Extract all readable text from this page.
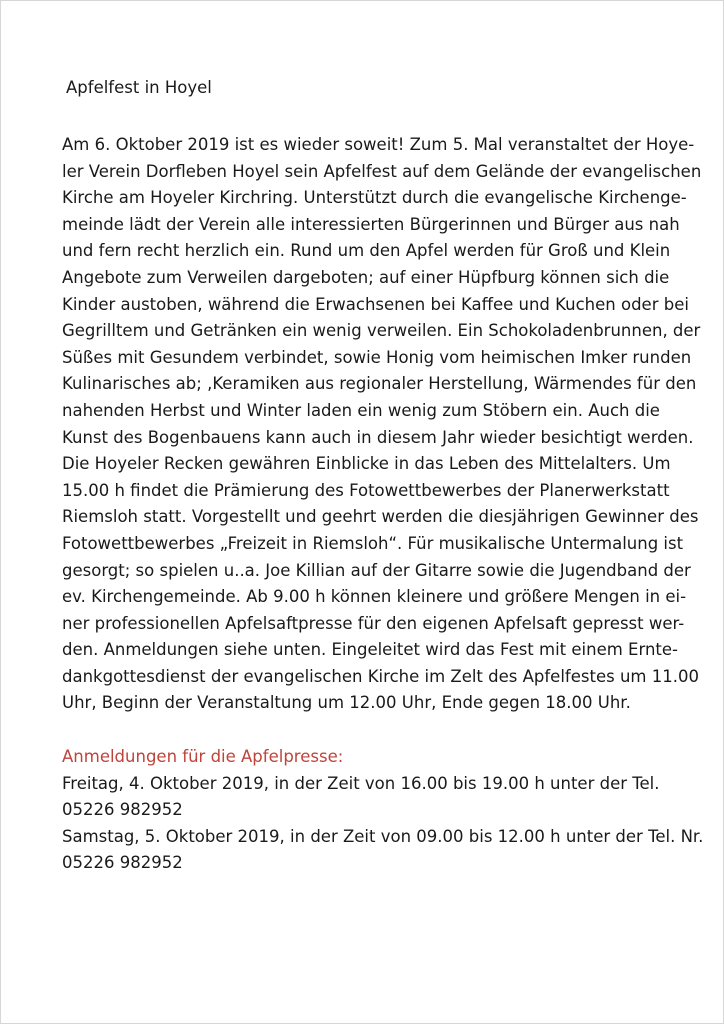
Apfelfest in Hoyel
Am 6. Oktober 2019 ist es wieder soweit! Zum 5. Mal veranstaltet der Hoye-
ler Verein Dorfleben Hoyel sein Apfelfest auf dem Gelände der evangelischen
Kirche am Hoyeler Kirchring. Unterstützt durch die evangelische Kirchenge-
meinde lädt der Verein alle interessierten Bürgerinnen und Bürger aus nah
und fern recht herzlich ein. Rund um den Apfel werden für Groß und Klein
Angebote zum Verweilen dargeboten; auf einer Hüpfburg können sich die
Kinder austoben, während die Erwachsenen bei Kaffee und Kuchen oder bei
Gegrilltem und Getränken ein wenig verweilen. Ein Schokoladenbrunnen, der
Süßes mit Gesundem verbindet, sowie Honig vom heimischen Imker runden
Kulinarisches ab; ,Keramiken aus regionaler Herstellung, Wärmendes für den
nahenden Herbst und Winter laden ein wenig zum Stöbern ein. Auch die
Kunst des Bogenbauens kann auch in diesem Jahr wieder besichtigt werden.
Die Hoyeler Recken gewähren Einblicke in das Leben des Mittelalters. Um
15.00 h findet die Prämierung des Fotowettbewerbes der Planerwerkstatt
Riemsloh statt. Vorgestellt und geehrt werden die diesjährigen Gewinner des
Fotowettbewerbes „Freizeit in Riemsloh“. Für musikalische Untermalung ist
gesorgt; so spielen u..a. Joe Killian auf der Gitarre sowie die Jugendband der
ev. Kirchengemeinde. Ab 9.00 h können kleinere und größere Mengen in ei-
ner professionellen Apfelsaftpresse für den eigenen Apfelsaft gepresst wer-
den. Anmeldungen siehe unten. Eingeleitet wird das Fest mit einem Ernte-
dankgottesdienst der evangelischen Kirche im Zelt des Apfelfestes um 11.00
Uhr, Beginn der Veranstaltung um 12.00 Uhr, Ende gegen 18.00 Uhr.
Anmeldungen für die Apfelpresse:
Freitag, 4. Oktober 2019, in der Zeit von 16.00 bis 19.00 h unter der Tel.
05226 982952
Samstag, 5. Oktober 2019, in der Zeit von 09.00 bis 12.00 h unter der Tel. Nr.
05226 982952
